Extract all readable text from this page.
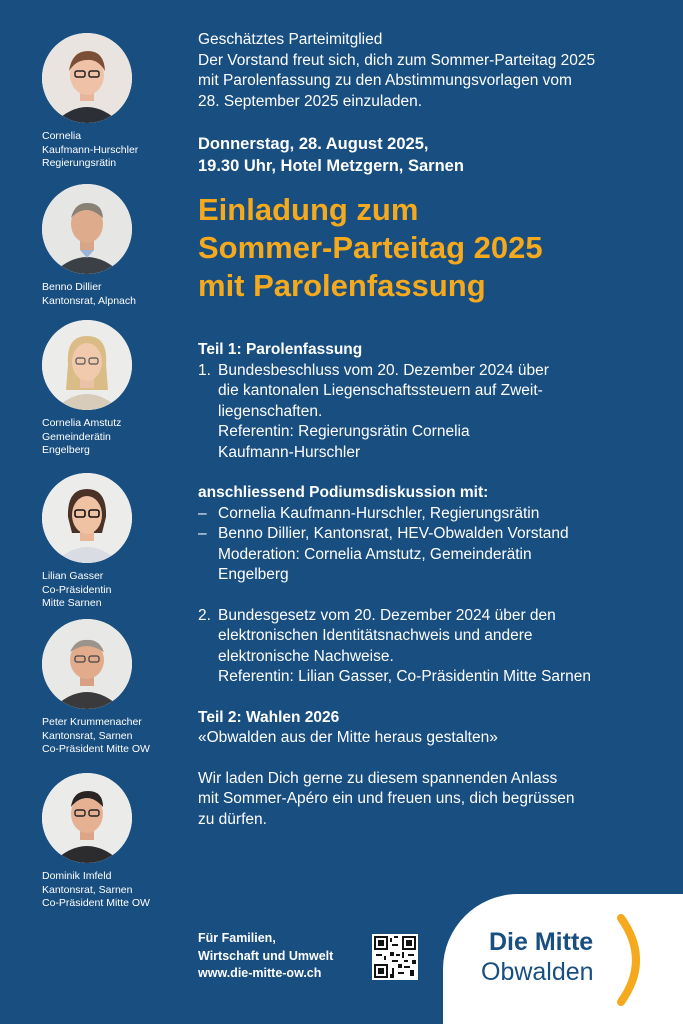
Cornelia
Kaufmann-Hurschler
Regierungsrätin
Benno Dillier
Kantonsrat, Alpnach
Cornelia Amstutz
Gemeinderätin
Engelberg
Lilian Gasser
Co-Präsidentin
Mitte Sarnen
Peter Krummenacher
Kantonsrat, Sarnen
Co-Präsident Mitte OW
Dominik Imfeld
Kantonsrat, Sarnen
Co-Präsident Mitte OW
Geschätztes Parteimitglied
Der Vorstand freut sich, dich zum Sommer-Parteitag 2025
mit Parolenfassung zu den Abstimmungsvorlagen vom
28. September 2025 einzuladen.
Donnerstag, 28. August 2025,
19.30 Uhr, Hotel Metzgern, Sarnen
Einladung zum
Sommer-Parteitag 2025
mit Parolenfassung
Teil 1: Parolenfassung
1. Bundesbeschluss vom 20. Dezember 2024 über
die kantonalen Liegenschaftssteuern auf Zweit-
liegenschaften.
Referentin: Regierungsrätin Cornelia
Kaufmann-Hurschler
anschliessend Podiumsdiskussion mit:
– Cornelia Kaufmann-Hurschler, Regierungsrätin
– Benno Dillier, Kantonsrat, HEV-Obwalden Vorstand
Moderation: Cornelia Amstutz, Gemeinderätin
Engelberg
2. Bundesgesetz vom 20. Dezember 2024 über den
elektronischen Identitätsnachweis und andere
elektronische Nachweise.
Referentin: Lilian Gasser, Co-Präsidentin Mitte Sarnen
Teil 2: Wahlen 2026
«Obwalden aus der Mitte heraus gestalten»
Wir laden Dich gerne zu diesem spannenden Anlass
mit Sommer-Apéro ein und freuen uns, dich begrüssen
zu dürfen.
Für Familien,
Wirtschaft und Umwelt
www.die-mitte-ow.ch
Die Mitte
Obwalden
